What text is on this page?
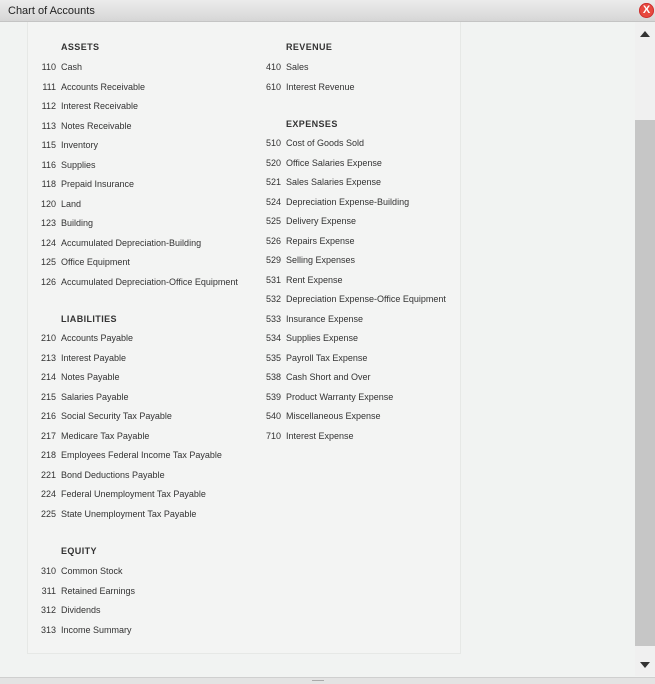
Chart of Accounts	X
ASSETS
110 Cash
111 Accounts Receivable
112 Interest Receivable
113 Notes Receivable
115 Inventory
116 Supplies
118 Prepaid Insurance
120 Land
123 Building
124 Accumulated Depreciation-Building
125 Office Equipment
126 Accumulated Depreciation-Office Equipment
LIABILITIES
210 Accounts Payable
213 Interest Payable
214 Notes Payable
215 Salaries Payable
216 Social Security Tax Payable
217 Medicare Tax Payable
218 Employees Federal Income Tax Payable
221 Bond Deductions Payable
224 Federal Unemployment Tax Payable
225 State Unemployment Tax Payable
EQUITY
310 Common Stock
311 Retained Earnings
312 Dividends
313 Income Summary
REVENUE
410 Sales
610 Interest Revenue
EXPENSES
510 Cost of Goods Sold
520 Office Salaries Expense
521 Sales Salaries Expense
524 Depreciation Expense-Building
525 Delivery Expense
526 Repairs Expense
529 Selling Expenses
531 Rent Expense
532 Depreciation Expense-Office Equipment
533 Insurance Expense
534 Supplies Expense
535 Payroll Tax Expense
538 Cash Short and Over
539 Product Warranty Expense
540 Miscellaneous Expense
710 Interest Expense
